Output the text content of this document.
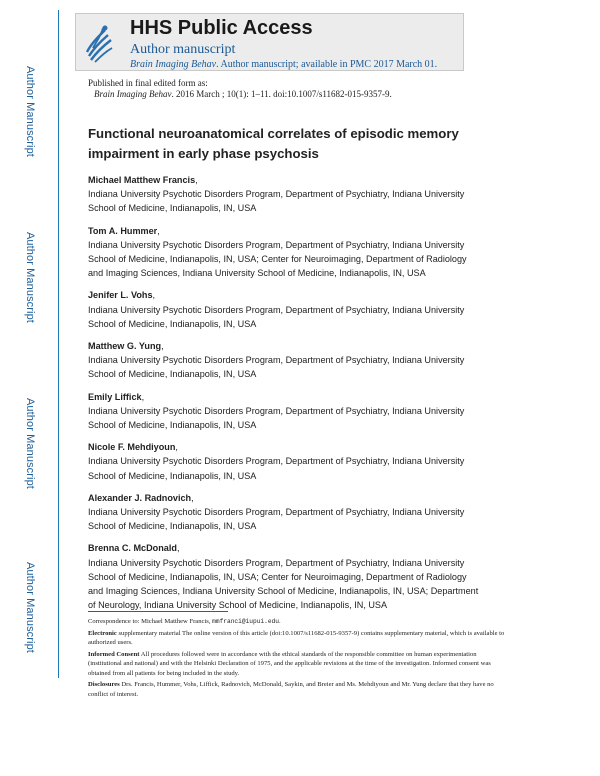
Author Manuscript
Author Manuscript
Author Manuscript
Author Manuscript
HHS Public Access
Author manuscript
Brain Imaging Behav. Author manuscript; available in PMC 2017 March 01.
Published in final edited form as:
Brain Imaging Behav. 2016 March ; 10(1): 1–11. doi:10.1007/s11682-015-9357-9.
Functional neuroanatomical correlates of episodic memory
impairment in early phase psychosis
Michael Matthew Francis,
Indiana University Psychotic Disorders Program, Department of Psychiatry, Indiana University
School of Medicine, Indianapolis, IN, USA
Tom A. Hummer,
Indiana University Psychotic Disorders Program, Department of Psychiatry, Indiana University
School of Medicine, Indianapolis, IN, USA; Center for Neuroimaging, Department of Radiology
and Imaging Sciences, Indiana University School of Medicine, Indianapolis, IN, USA
Jenifer L. Vohs,
Indiana University Psychotic Disorders Program, Department of Psychiatry, Indiana University
School of Medicine, Indianapolis, IN, USA
Matthew G. Yung,
Indiana University Psychotic Disorders Program, Department of Psychiatry, Indiana University
School of Medicine, Indianapolis, IN, USA
Emily Liffick,
Indiana University Psychotic Disorders Program, Department of Psychiatry, Indiana University
School of Medicine, Indianapolis, IN, USA
Nicole F. Mehdiyoun,
Indiana University Psychotic Disorders Program, Department of Psychiatry, Indiana University
School of Medicine, Indianapolis, IN, USA
Alexander J. Radnovich,
Indiana University Psychotic Disorders Program, Department of Psychiatry, Indiana University
School of Medicine, Indianapolis, IN, USA
Brenna C. McDonald,
Indiana University Psychotic Disorders Program, Department of Psychiatry, Indiana University
School of Medicine, Indianapolis, IN, USA; Center for Neuroimaging, Department of Radiology
and Imaging Sciences, Indiana University School of Medicine, Indianapolis, IN, USA; Department
of Neurology, Indiana University School of Medicine, Indianapolis, IN, USA
Correspondence to: Michael Matthew Francis, mmfranci@iupui.edu.
Electronic supplementary material The online version of this article (doi:10.1007/s11682-015-9357-9) contains supplementary material, which is available to authorized users.
Informed Consent All procedures followed were in accordance with the ethical standards of the responsible committee on human experimentation (institutional and national) and with the Helsinki Declaration of 1975, and the applicable revisions at the time of the investigation. Informed consent was obtained from all patients for being included in the study.
Disclosures Drs. Francis, Hummer, Vohs, Liffick, Radnovich, McDonald, Saykin, and Breier and Ms. Mehdiyoun and Mr. Yung declare that they have no conflict of interest.
